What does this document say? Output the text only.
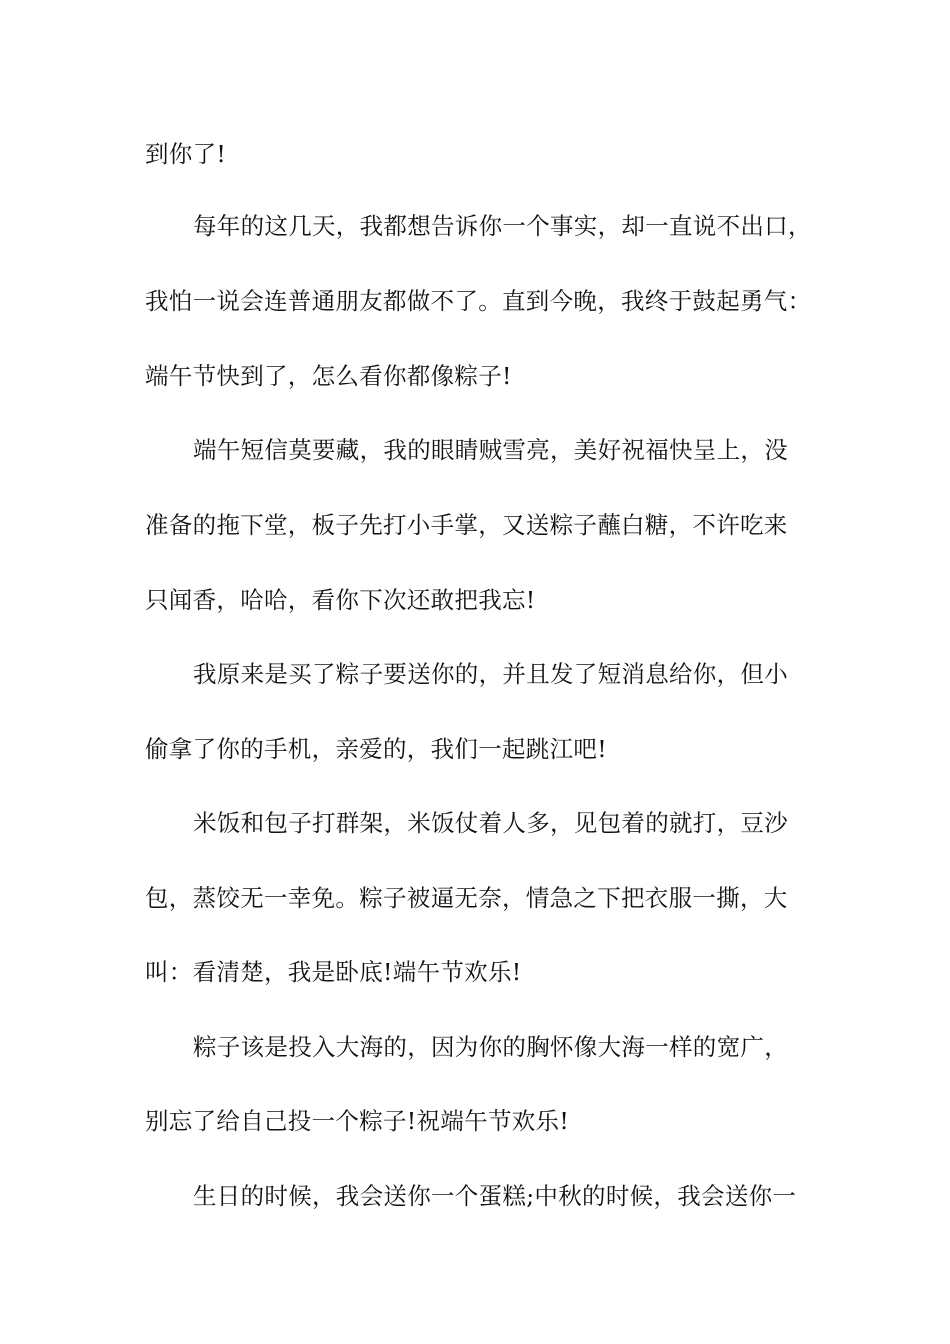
到你了!
每年的这几天，我都想告诉你一个事实，却一直说不出口，
我怕一说会连普通朋友都做不了。直到今晚，我终于鼓起勇气：
端午节快到了，怎么看你都像粽子!
端午短信莫要藏，我的眼睛贼雪亮，美好祝福快呈上，没
准备的拖下堂，板子先打小手掌，又送粽子蘸白糖，不许吃来
只闻香，哈哈，看你下次还敢把我忘!
我原来是买了粽子要送你的，并且发了短消息给你，但小
偷拿了你的手机，亲爱的，我们一起跳江吧!
米饭和包子打群架，米饭仗着人多，见包着的就打，豆沙
包，蒸饺无一幸免。粽子被逼无奈，情急之下把衣服一撕，大
叫：看清楚，我是卧底!端午节欢乐!
粽子该是投入大海的，因为你的胸怀像大海一样的宽广，
别忘了给自己投一个粽子!祝端午节欢乐!
生日的时候，我会送你一个蛋糕;中秋的时候，我会送你一
